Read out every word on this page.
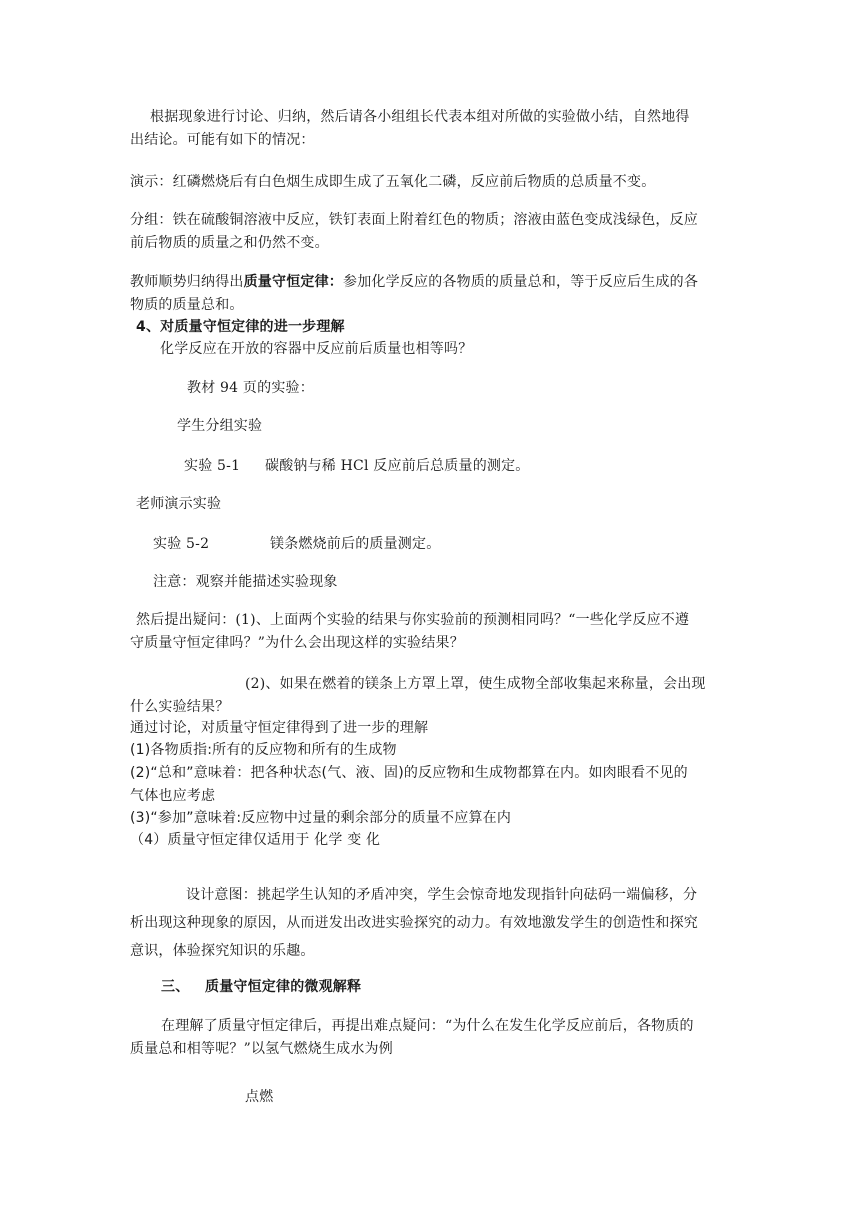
根据现象进行讨论、归纳，然后请各小组组长代表本组对所做的实验做小结，自然地得
出结论。可能有如下的情况：
演示：红磷燃烧后有白色烟生成即生成了五氧化二磷，反应前后物质的总质量不变。
分组：铁在硫酸铜溶液中反应，铁钉表面上附着红色的物质；溶液由蓝色变成浅绿色，反应
前后物质的质量之和仍然不变。
教师顺势归纳得出质量守恒定律：参加化学反应的各物质的质量总和，等于反应后生成的各
物质的质量总和。
4、对质量守恒定律的进一步理解
化学反应在开放的容器中反应前后质量也相等吗？
教材 94 页的实验：
学生分组实验
实验 5-1 碳酸钠与稀 HCl 反应前后总质量的测定。
老师演示实验
实验 5-2	镁条燃烧前后的质量测定。
注意：观察并能描述实验现象
然后提出疑问：(1)、上面两个实验的结果与你实验前的预测相同吗？“一些化学反应不遵
守质量守恒定律吗？”为什么会出现这样的实验结果？
(2)、如果在燃着的镁条上方罩上罩，使生成物全部收集起来称量，会出现
什么实验结果？
通过讨论，对质量守恒定律得到了进一步的理解
(1)各物质指:所有的反应物和所有的生成物
(2)“总和”意味着：把各种状态(气、液、固)的反应物和生成物都算在内。如肉眼看不见的
气体也应考虑
(3)“参加”意味着:反应物中过量的剩余部分的质量不应算在内
（4）质量守恒定律仅适用于 化学 变 化
设计意图：挑起学生认知的矛盾冲突，学生会惊奇地发现指针向砝码一端偏移，分
析出现这种现象的原因，从而迸发出改进实验探究的动力。有效地激发学生的创造性和探究
意识，体验探究知识的乐趣。
三、 质量守恒定律的微观解释
在理解了质量守恒定律后，再提出难点疑问：“为什么在发生化学反应前后，各物质的
质量总和相等呢？”以氢气燃烧生成水为例
点燃
